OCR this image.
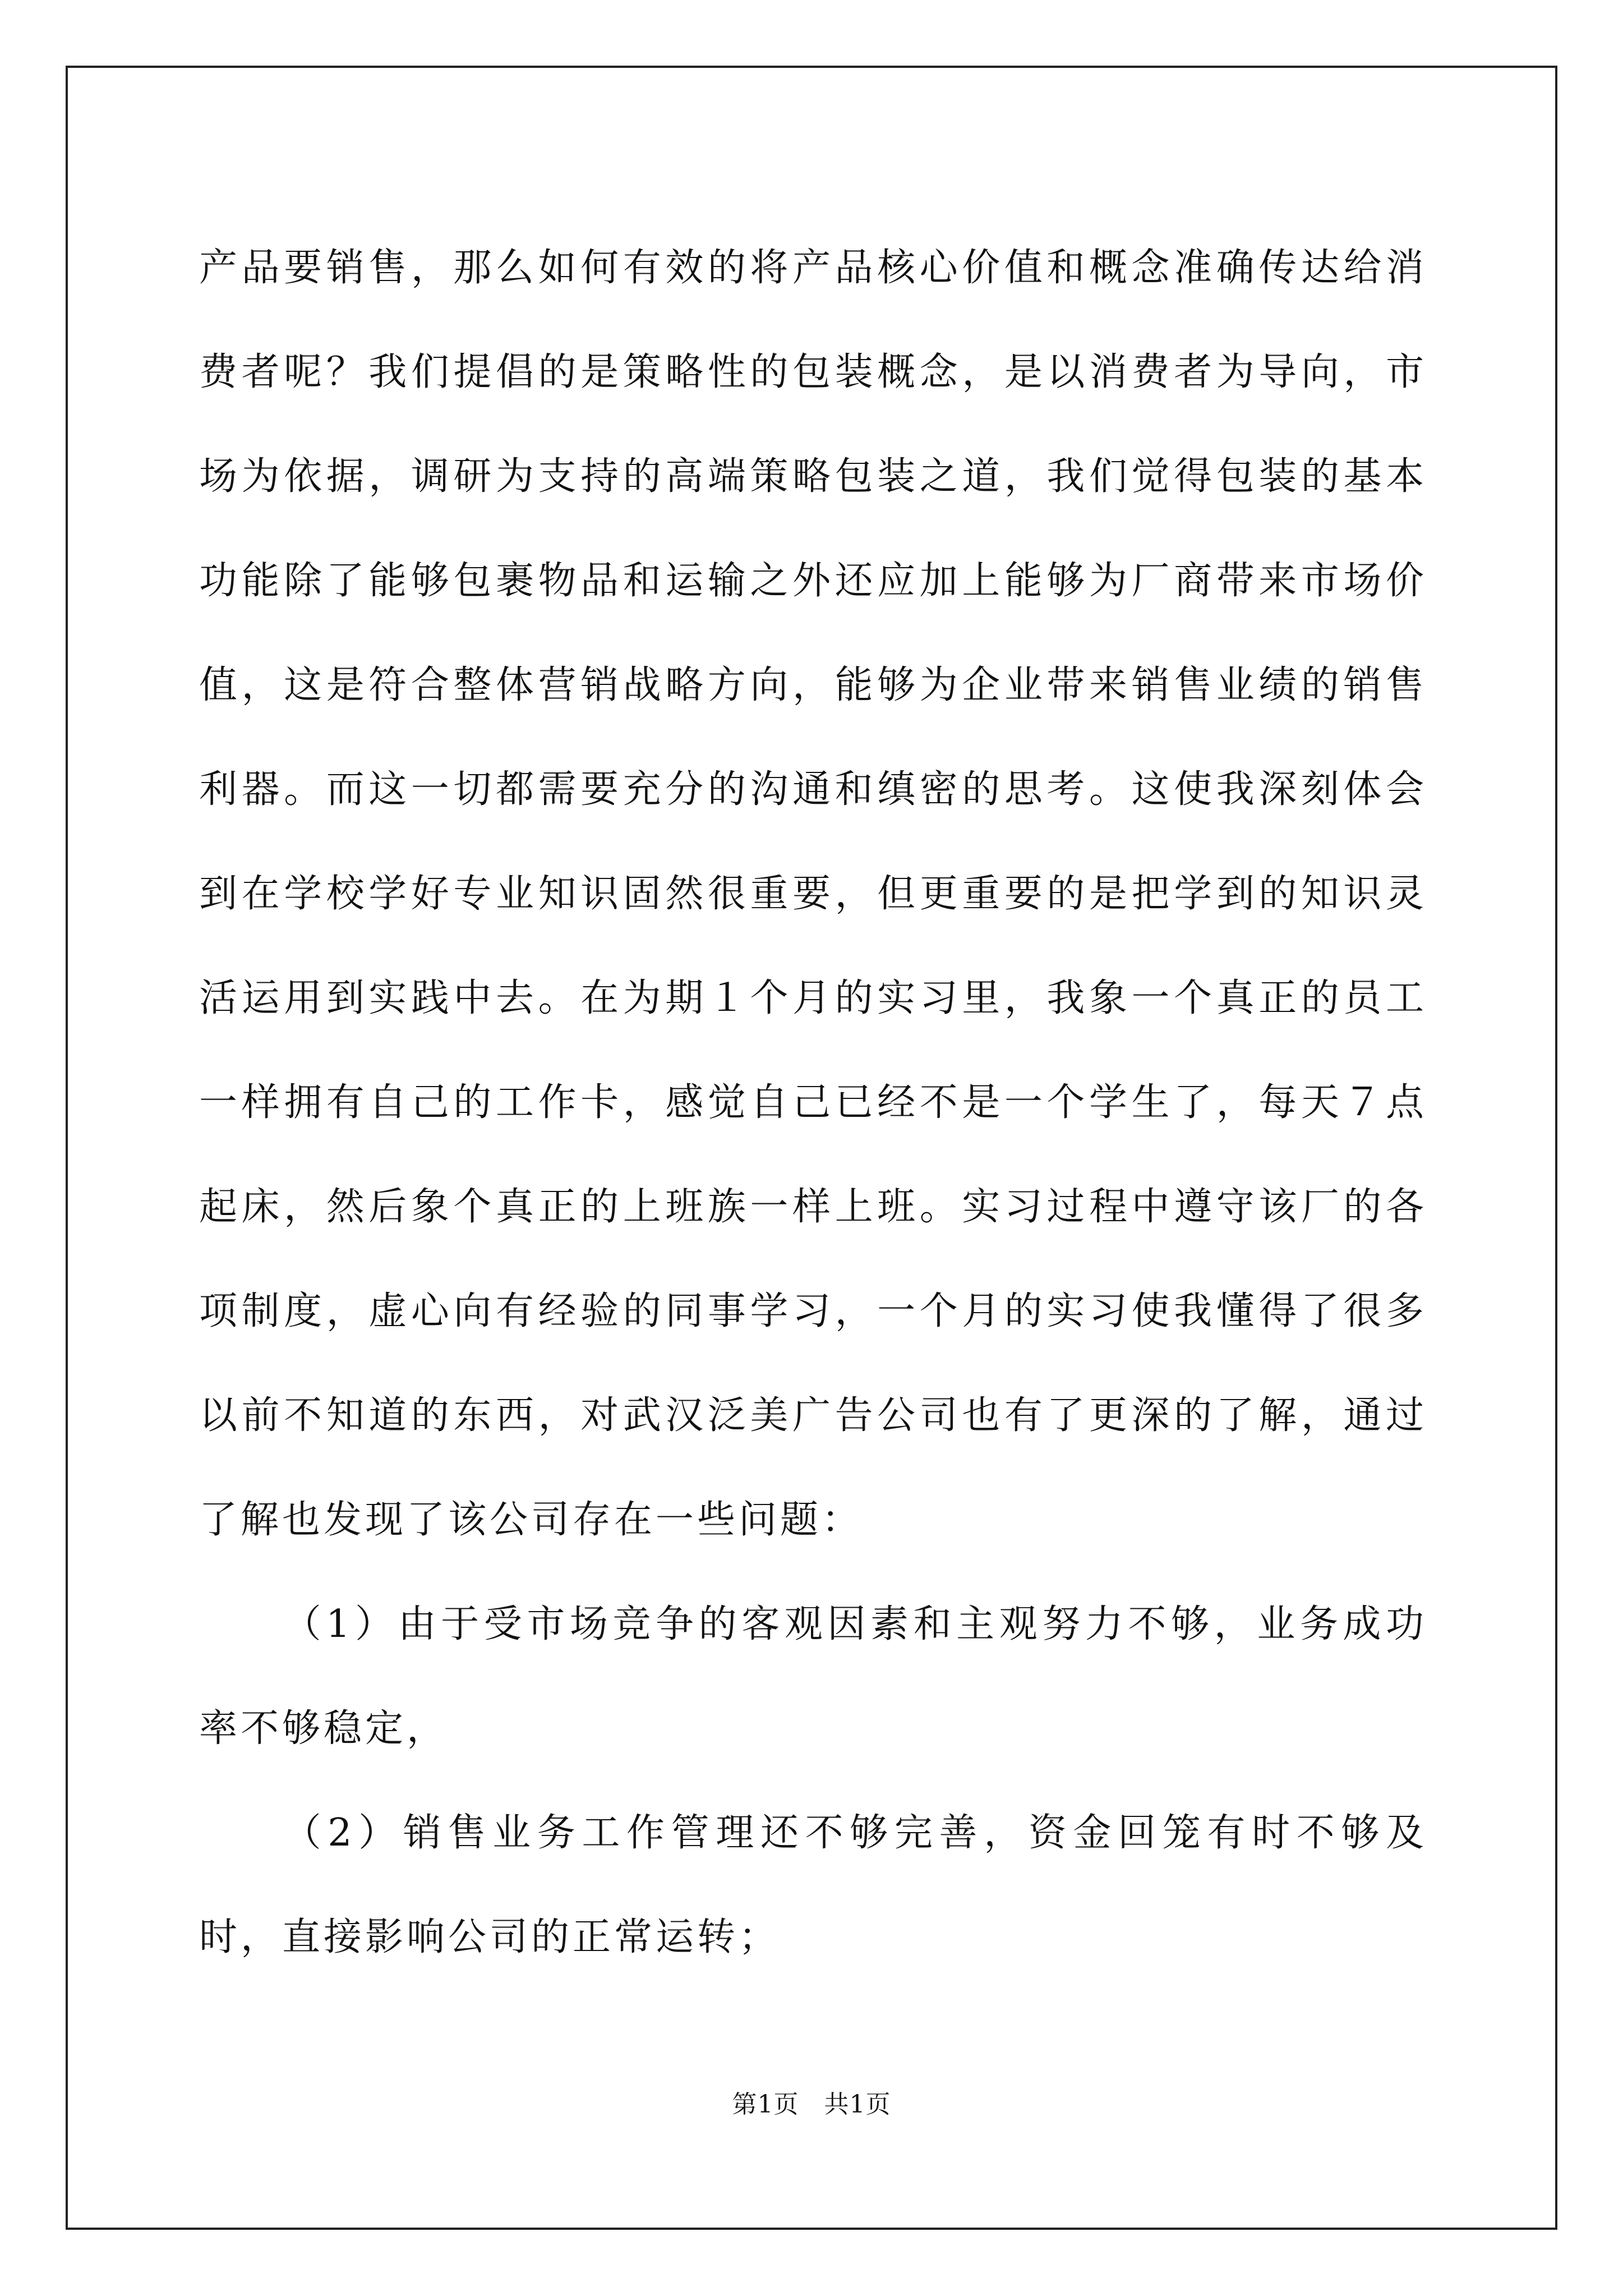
产品要销售，那么如何有效的将产品核心价值和概念准确传达给消费者呢？我们提倡的是策略性的包装概念，是以消费者为导向，市场为依据，调研为支持的高端策略包装之道，我们觉得包装的基本功能除了能够包裹物品和运输之外还应加上能够为厂商带来市场价值，这是符合整体营销战略方向，能够为企业带来销售业绩的销售利器。而这一切都需要充分的沟通和缜密的思考。这使我深刻体会到在学校学好专业知识固然很重要，但更重要的是把学到的知识灵活运用到实践中去。在为期１个月的实习里，我象一个真正的员工一样拥有自己的工作卡，感觉自己已经不是一个学生了，每天７点起床，然后象个真正的上班族一样上班。实习过程中遵守该厂的各项制度，虚心向有经验的同事学习，一个月的实习使我懂得了很多以前不知道的东西，对武汉泛美广告公司也有了更深的了解，通过了解也发现了该公司存在一些问题：

（1）由于受市场竞争的客观因素和主观努力不够，业务成功率不够稳定，

（2）销售业务工作管理还不够完善，资金回笼有时不够及时，直接影响公司的正常运转；

第1页　共1页
